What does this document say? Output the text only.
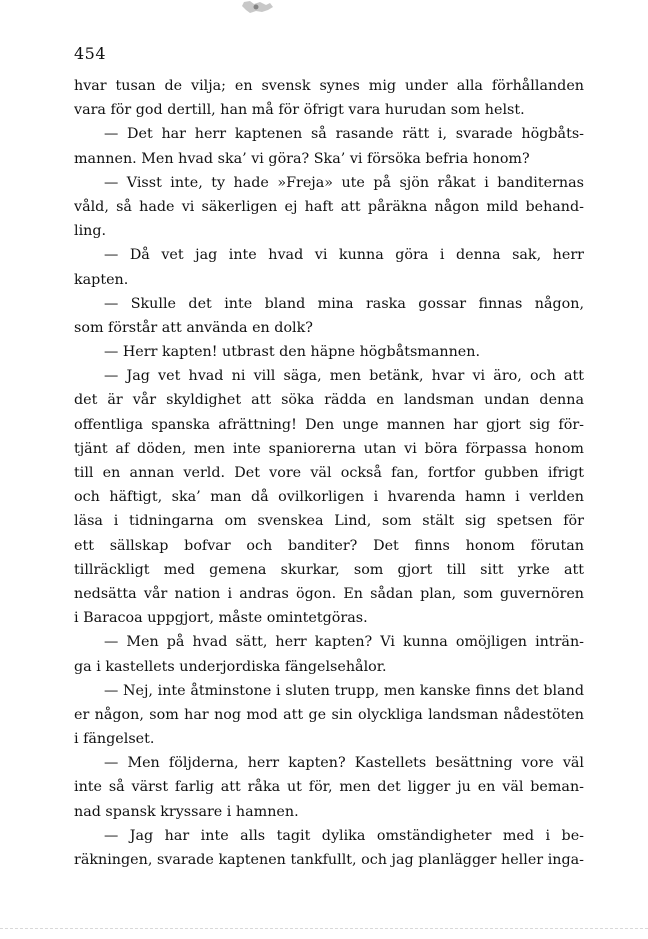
454
hvar tusan de vilja; en svensk synes mig under alla förhållanden
vara för god dertill, han må för öfrigt vara hurudan som helst.
— Det har herr kaptenen så rasande rätt i, svarade högbåts-
mannen. Men hvad ska’ vi göra? Ska’ vi försöka befria honom?
— Visst inte, ty hade »Freja» ute på sjön råkat i banditernas
våld, så hade vi säkerligen ej haft att påräkna någon mild behand-
ling.
— Då vet jag inte hvad vi kunna göra i denna sak, herr
kapten.
— Skulle det inte bland mina raska gossar finnas någon,
som förstår att använda en dolk?
— Herr kapten! utbrast den häpne högbåtsmannen.
— Jag vet hvad ni vill säga, men betänk, hvar vi äro, och att
det är vår skyldighet att söka rädda en landsman undan denna
offentliga spanska afrättning! Den unge mannen har gjort sig för-
tjänt af döden, men inte spaniorerna utan vi böra förpassa honom
till en annan verld. Det vore väl också fan, fortfor gubben ifrigt
och häftigt, ska’ man då ovilkorligen i hvarenda hamn i verlden
läsa i tidningarna om svenskea Lind, som stält sig spetsen för
ett sällskap bofvar och banditer? Det finns honom förutan
tillräckligt med gemena skurkar, som gjort till sitt yrke att
nedsätta vår nation i andras ögon. En sådan plan, som guvernören
i Baracoa uppgjort, måste omintetgöras.
— Men på hvad sätt, herr kapten? Vi kunna omöjligen inträn-
ga i kastellets underjordiska fängelsehålor.
— Nej, inte åtminstone i sluten trupp, men kanske finns det bland
er någon, som har nog mod att ge sin olyckliga landsman nådestöten
i fängelset.
— Men följderna, herr kapten? Kastellets besättning vore väl
inte så värst farlig att råka ut för, men det ligger ju en väl beman-
nad spansk kryssare i hamnen.
— Jag har inte alls tagit dylika omständigheter med i be-
räkningen, svarade kaptenen tankfullt, och jag planlägger heller inga-
